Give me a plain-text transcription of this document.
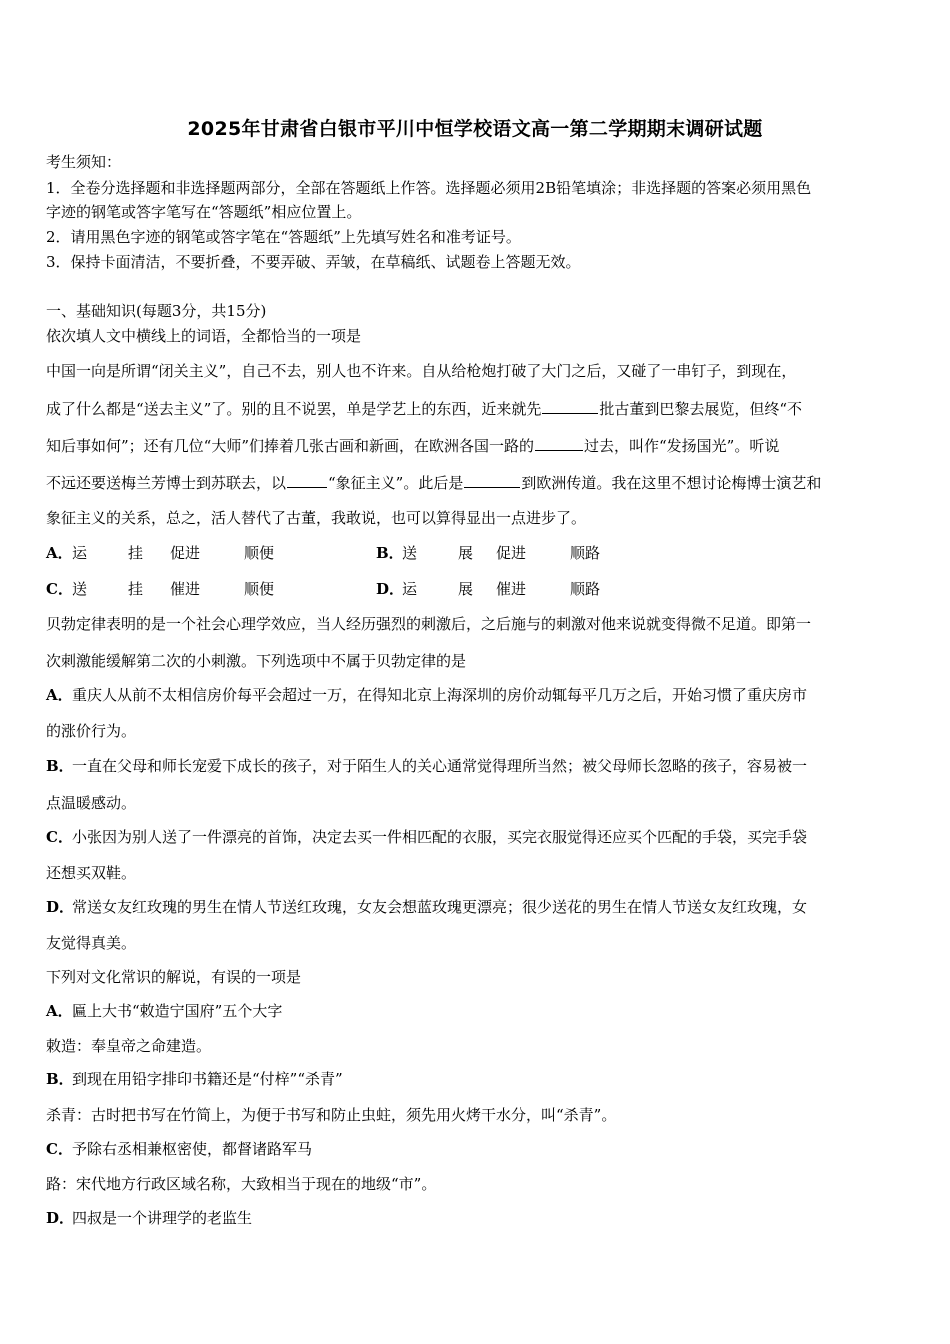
2025年甘肃省白银市平川中恒学校语文高一第二学期期末调研试题
考生须知：
1．全卷分选择题和非选择题两部分，全部在答题纸上作答。选择题必须用2B铅笔填涂；非选择题的答案必须用黑色
字迹的钢笔或答字笔写在“答题纸”相应位置上。
2．请用黑色字迹的钢笔或答字笔在“答题纸”上先填写姓名和准考证号。
3．保持卡面清洁，不要折叠，不要弄破、弄皱，在草稿纸、试题卷上答题无效。
一、基础知识(每题3分，共15分)
依次填人文中横线上的词语，全都恰当的一项是
中国一向是所谓“闭关主义”，自己不去，别人也不许来。自从给枪炮打破了大门之后，又碰了一串钉子，到现在，
成了什么都是“送去主义”了。别的且不说罢，单是学艺上的东西，近来就先	批古董到巴黎去展览，但终“不
知后事如何”；还有几位“大师”们捧着几张古画和新画，在欧洲各国一路的	过去，叫作“发扬国光”。听说
不远还要送梅兰芳博士到苏联去，以	“象征主义”。此后是	到欧洲传道。我在这里不想讨论梅博士演艺和
象征主义的关系，总之，活人替代了古董，我敢说，也可以算得显出一点进步了。
A．运	挂 促进	顺便	B．送	展 促进	顺路
C．送	挂 催进	顺便	D．运	展 催进	顺路
贝勃定律表明的是一个社会心理学效应，当人经历强烈的刺激后，之后施与的刺激对他来说就变得微不足道。即第一
次刺激能缓解第二次的小刺激。下列选项中不属于贝勃定律的是
A．重庆人从前不太相信房价每平会超过一万，在得知北京上海深圳的房价动辄每平几万之后，开始习惯了重庆房市
的涨价行为。
B．一直在父母和师长宠爱下成长的孩子，对于陌生人的关心通常觉得理所当然；被父母师长忽略的孩子，容易被一
点温暖感动。
C．小张因为别人送了一件漂亮的首饰，决定去买一件相匹配的衣服，买完衣服觉得还应买个匹配的手袋，买完手袋
还想买双鞋。
D．常送女友红玫瑰的男生在情人节送红玫瑰，女友会想蓝玫瑰更漂亮；很少送花的男生在情人节送女友红玫瑰，女
友觉得真美。
下列对文化常识的解说，有误的一项是
A．匾上大书“敕造宁国府”五个大字
敕造：奉皇帝之命建造。
B．到现在用铅字排印书籍还是“付梓”“杀青”
杀青：古时把书写在竹简上，为便于书写和防止虫蛀，须先用火烤干水分，叫“杀青”。
C．予除右丞相兼枢密使，都督诸路军马
路：宋代地方行政区域名称，大致相当于现在的地级“市”。
D．四叔是一个讲理学的老监生
